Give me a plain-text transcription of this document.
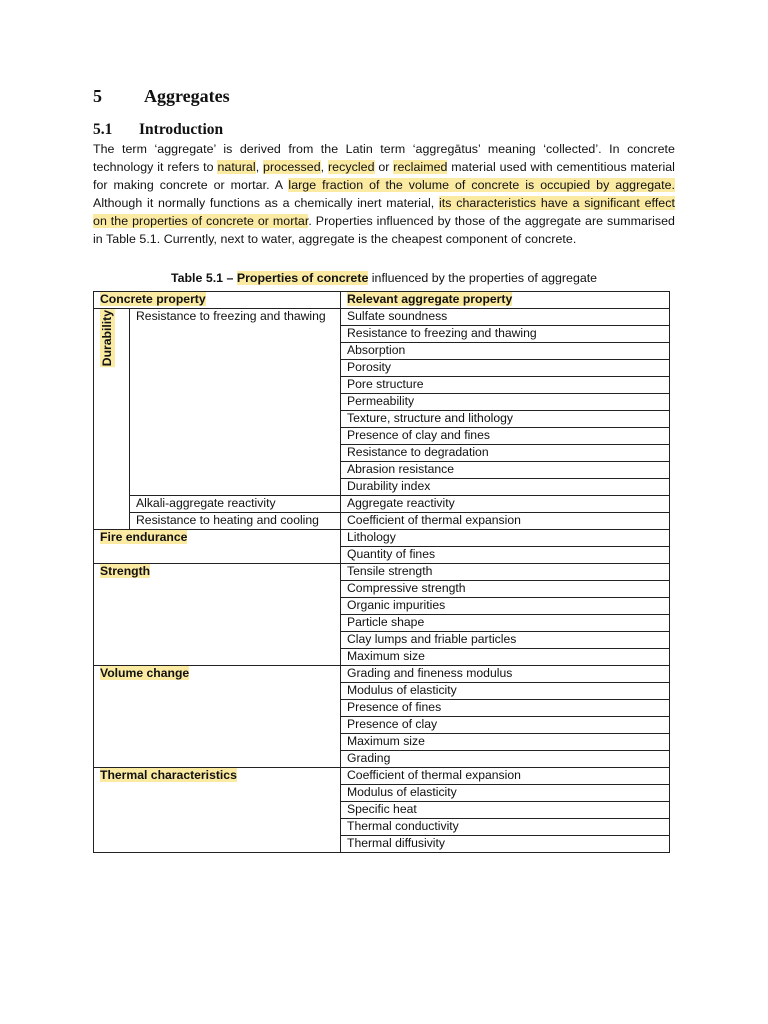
5 Aggregates
5.1 Introduction

The term ‘aggregate’ is derived from the Latin term ‘aggregātus’ meaning ‘collected’. In concrete technology it refers to natural, processed, recycled or reclaimed material used with cementitious material for making concrete or mortar. A large fraction of the volume of concrete is occupied by aggregate. Although it normally functions as a chemically inert material, its characteristics have a significant effect on the properties of concrete or mortar. Properties influenced by those of the aggregate are summarised in Table 5.1. Currently, next to water, aggregate is the cheapest component of concrete.

Table 5.1 – Properties of concrete influenced by the properties of aggregate

Concrete property		Relevant aggregate property
Durability	Resistance to freezing and thawing	Sulfate soundness
		Resistance to freezing and thawing
		Absorption
		Porosity
		Pore structure
		Permeability
		Texture, structure and lithology
		Presence of clay and fines
		Resistance to degradation
		Abrasion resistance
		Durability index
	Alkali-aggregate reactivity	Aggregate reactivity
	Resistance to heating and cooling	Coefficient of thermal expansion
Fire endurance		Lithology
		Quantity of fines
Strength		Tensile strength
		Compressive strength
		Organic impurities
		Particle shape
		Clay lumps and friable particles
		Maximum size
Volume change		Grading and fineness modulus
		Modulus of elasticity
		Presence of fines
		Presence of clay
		Maximum size
		Grading
Thermal characteristics		Coefficient of thermal expansion
		Modulus of elasticity
		Specific heat
		Thermal conductivity
		Thermal diffusivity
